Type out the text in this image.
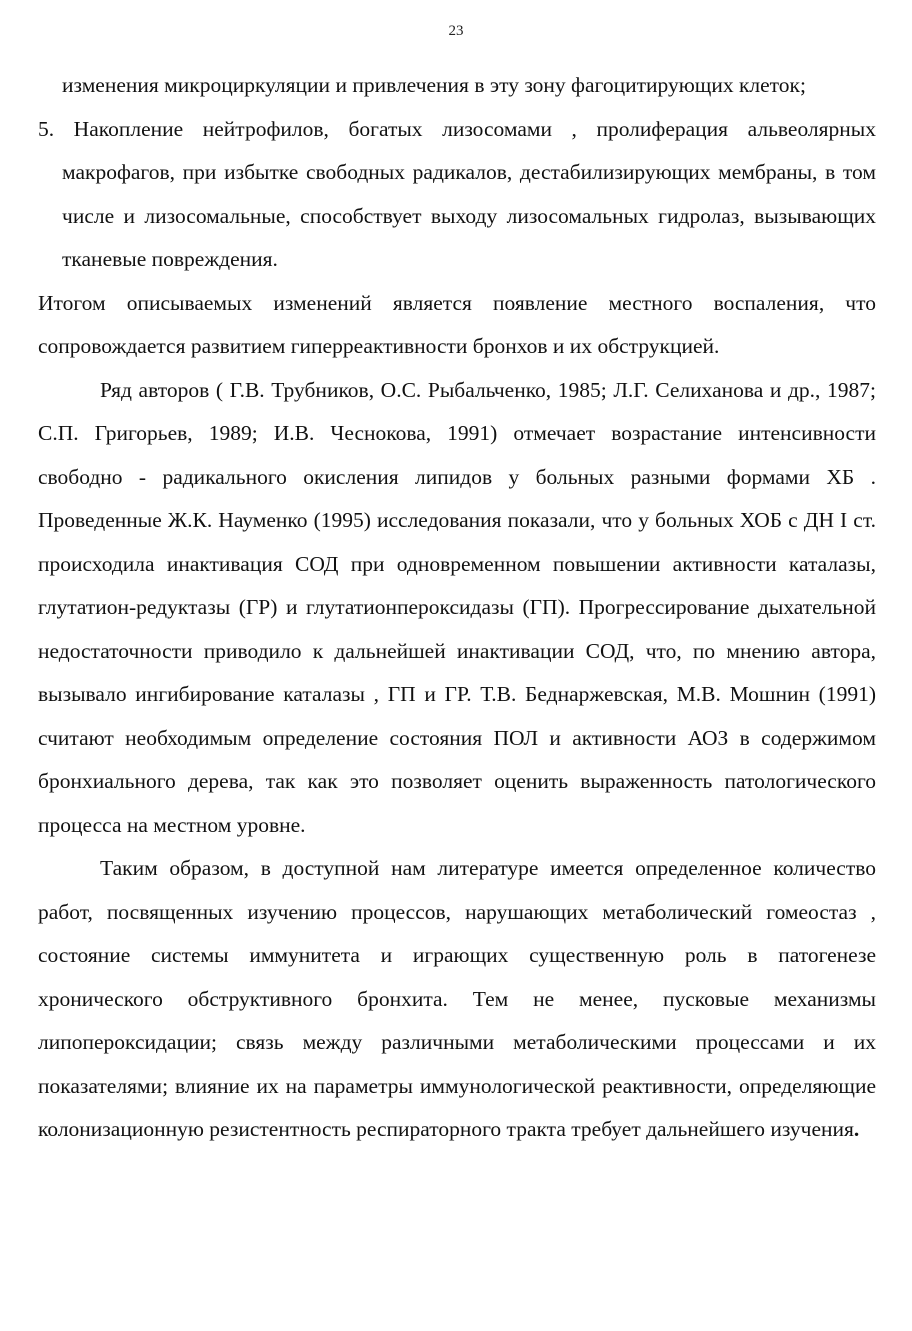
23

изменения микроциркуляции и привлечения в эту зону фагоцитирующих клеток;

5. Накопление нейтрофилов, богатых лизосомами , пролиферация альвеолярных макрофагов, при избытке свободных радикалов, дестабилизирующих мембраны, в том числе и лизосомальные, способствует выходу лизосомальных гидролаз, вызывающих тканевые повреждения.

Итогом описываемых изменений является появление местного воспаления, что сопровождается развитием гиперреактивности бронхов и их обструкцией.

Ряд авторов ( Г.В. Трубников, О.С. Рыбальченко, 1985; Л.Г. Селиханова и др., 1987; С.П. Григорьев, 1989; И.В. Чеснокова, 1991) отмечает возрастание интенсивности свободно - радикального окисления липидов у больных разными формами ХБ . Проведенные Ж.К. Науменко (1995) исследования показали, что у больных ХОБ с ДН I ст. происходила инактивация СОД при одновременном повышении активности каталазы, глутатион-редуктазы (ГР) и глутатионпероксидазы (ГП). Прогрессирование дыхательной недостаточности приводило к дальнейшей инактивации СОД, что, по мнению автора, вызывало ингибирование каталазы , ГП и ГР. Т.В. Беднаржевская, М.В. Мошнин (1991) считают необходимым определение состояния ПОЛ и активности АОЗ в содержимом бронхиального дерева, так как это позволяет оценить выраженность патологического процесса на местном уровне.

Таким образом, в доступной нам литературе имеется определенное количество работ, посвященных изучению процессов, нарушающих метаболический гомеостаз , состояние системы иммунитета и играющих существенную роль в патогенезе хронического обструктивного бронхита. Тем не менее, пусковые механизмы липопероксидации; связь между различными метаболическими процессами и их показателями; влияние их на параметры иммунологической реактивности, определяющие колонизационную резистентность респираторного тракта требует дальнейшего изучения.
